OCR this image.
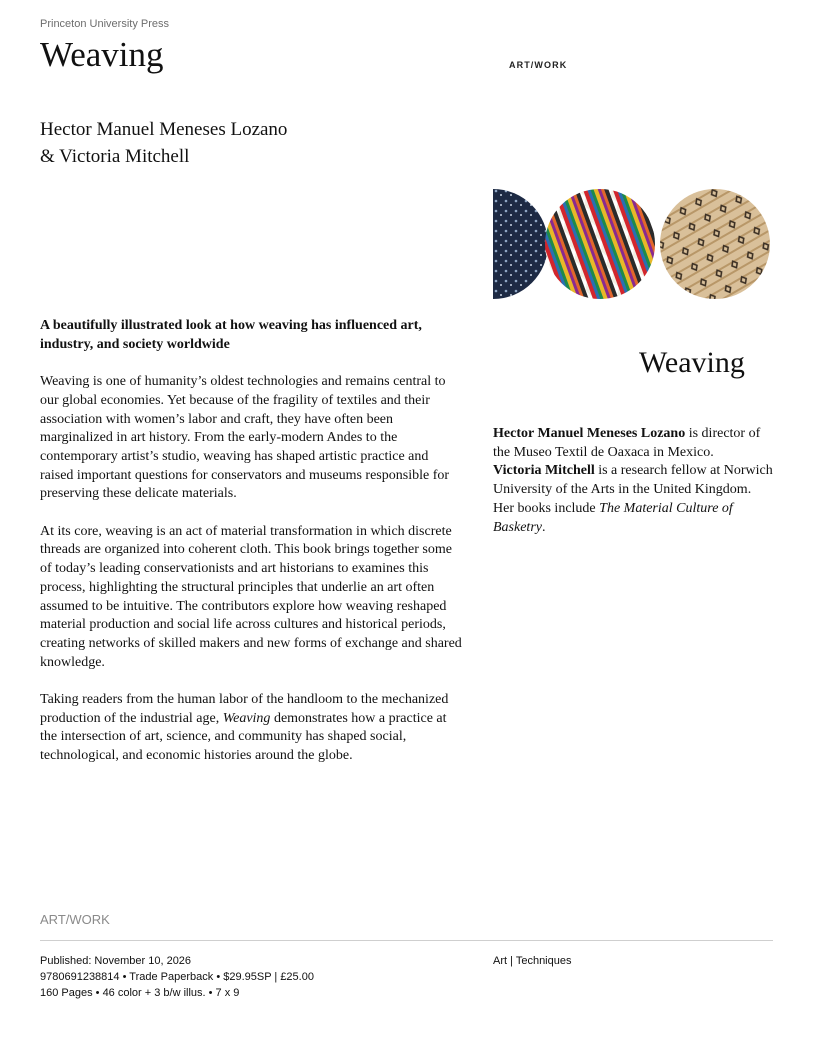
Princeton University Press
Weaving	ART/WORK
Hector Manuel Meneses Lozano
& Victoria Mitchell
Weaving
A beautifully illustrated look at how weaving has influenced art, industry, and society worldwide

Weaving is one of humanity’s oldest technologies and remains central to our global economies. Yet because of the fragility of textiles and their association with women’s labor and craft, they have often been marginalized in art history. From the early-modern Andes to the contemporary artist’s studio, weaving has shaped artistic practice and raised important questions for conservators and museums responsible for preserving these delicate materials.

At its core, weaving is an act of material transformation in which discrete threads are organized into coherent cloth. This book brings together some of today’s leading conservationists and art historians to examines this process, highlighting the structural principles that underlie an art often assumed to be intuitive. The contributors explore how weaving reshaped material production and social life across cultures and historical periods, creating networks of skilled makers and new forms of exchange and shared knowledge.

Taking readers from the human labor of the handloom to the mechanized production of the industrial age, Weaving demonstrates how a practice at the intersection of art, science, and community has shaped social, technological, and economic histories around the globe.

Hector Manuel Meneses Lozano is director of the Museo Textil de Oaxaca in Mexico.
Victoria Mitchell is a research fellow at Norwich University of the Arts in the United Kingdom. Her books include The Material Culture of Basketry.
ART/WORK
Published: November 10, 2026
9780691238814 • Trade Paperback • $29.95SP | £25.00
160 Pages • 46 color + 3 b/w illus. • 7 x 9
Art | Techniques
